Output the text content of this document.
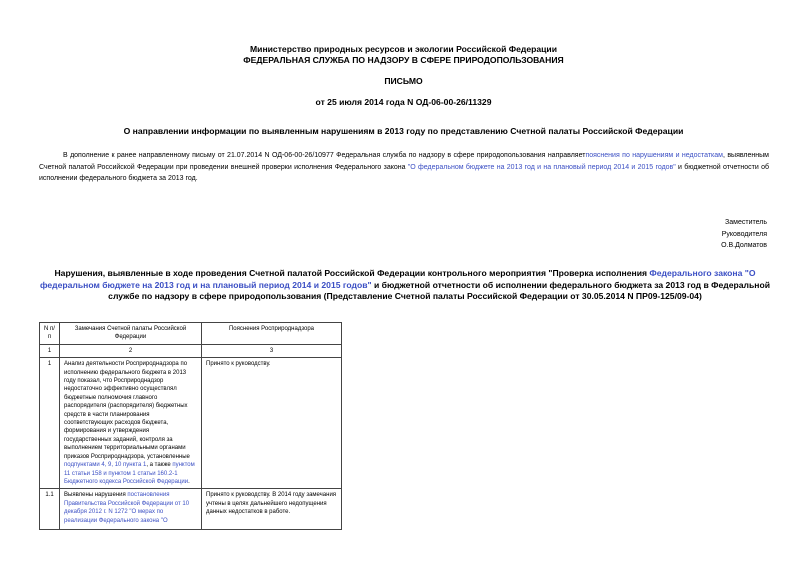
Министерство природных ресурсов и экологии Российской Федерации
ФЕДЕРАЛЬНАЯ СЛУЖБА ПО НАДЗОРУ В СФЕРЕ ПРИРОДОПОЛЬЗОВАНИЯ
ПИСЬМО
от 25 июля 2014 года N ОД-06-00-26/11329
О направлении информации по выявленным нарушениям в 2013 году по представлению Счетной палаты Российской Федерации
В дополнение к ранее направленному письму от 21.07.2014 N ОД-06-00-26/10977 Федеральная служба по надзору в сфере природопользования направляетпояснения по нарушениям и недостаткам, выявленным Счетной палатой Российской Федерации при проведении внешней проверки исполнения Федерального закона "О федеральном бюджете на 2013 год и на плановый период 2014 и 2015 годов" и бюджетной отчетности об исполнении федерального бюджета за 2013 год.
Заместитель
Руководителя
О.В.Долматов
Нарушения, выявленные в ходе проведения Счетной палатой Российской Федерации контрольного мероприятия "Проверка исполнения Федерального закона "О федеральном бюджете на 2013 год и на плановый период 2014 и 2015 годов" и бюджетной отчетности об исполнении федерального бюджета за 2013 год в Федеральной службе по надзору в сфере природопользования (Представление Счетной палаты Российской Федерации от 30.05.2014 N ПР09-125/09-04)
N п/п	Замечания Счетной палаты Российской Федерации	Пояснения Росприроднадзора
1	2	3
1	Анализ деятельности Росприроднадзора по исполнению федерального бюджета в 2013 году показал, что Росприроднадзор недостаточно эффективно осуществлял бюджетные полномочия главного распорядителя (распорядителя) бюджетных средств в части планирования соответствующих расходов бюджета, формирования и утверждения государственных заданий, контроля за выполнением территориальными органами приказов Росприроднадзора, установленные подпунктами 4, 9, 10 пункта 1, а также пунктом 11 статьи 158 и пунктом 1 статьи 160.2-1 Бюджетного кодекса Российской Федерации.	Принято к руководству.
1.1	Выявлены нарушения постановления Правительства Российской Федерации от 10 декабря 2012 г. N 1272 "О мерах по реализации Федерального закона "О	Принято к руководству. В 2014 году замечания учтены в целях дальнейшего недопущения данных недостатков в работе.
